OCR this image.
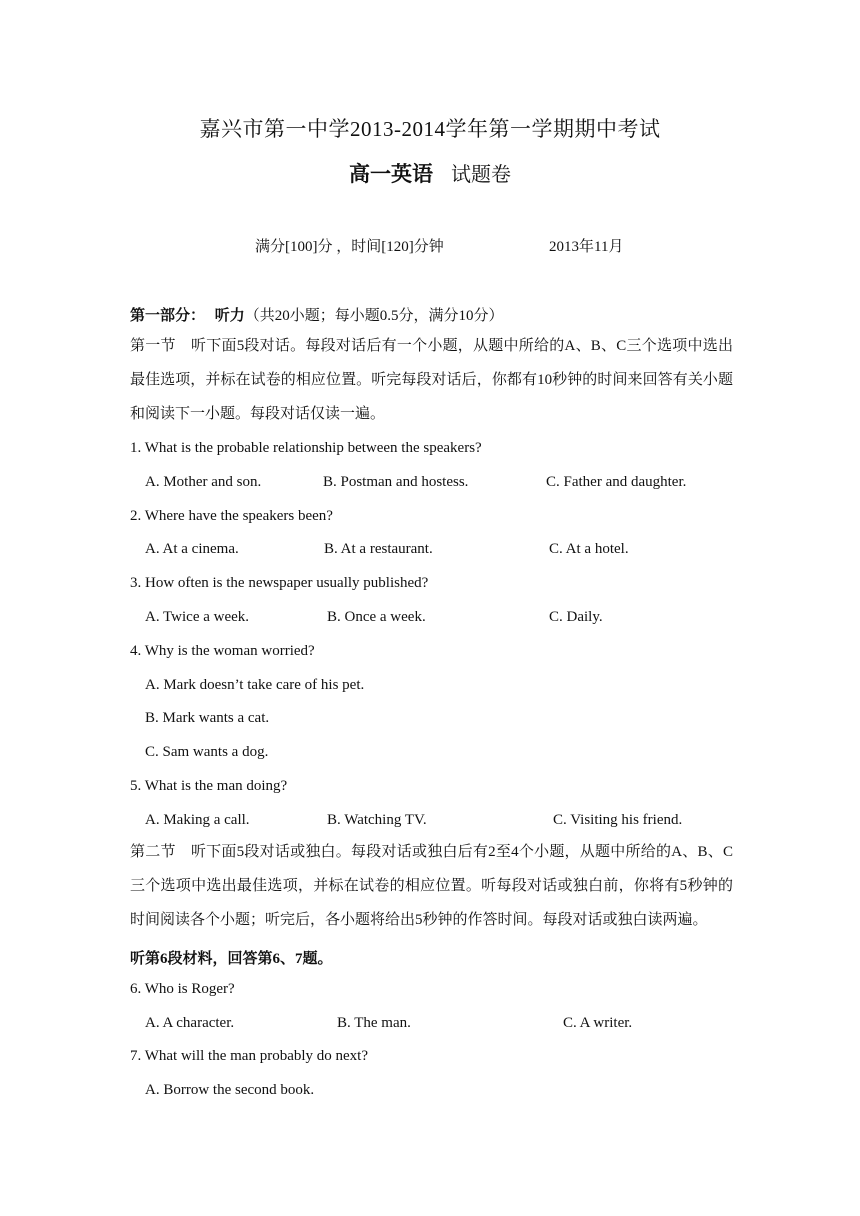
嘉兴市第一中学2013-2014学年第一学期期中考试
高一英语 试题卷
满分[100]分 ，时间[120]分钟	2013年11月
第一部分： 听力（共20小题；每小题0.5分，满分10分）
第一节　听下面5段对话。每段对话后有一个小题，从题中所给的A、B、C三个选项中选出最佳选项，并标在试卷的相应位置。听完每段对话后，你都有10秒钟的时间来回答有关小题和阅读下一小题。每段对话仅读一遍。
1. What is the probable relationship between the speakers?
A. Mother and son.	B. Postman and hostess.	C. Father and daughter.
2. Where have the speakers been?
A. At a cinema.	B. At a restaurant.	C. At a hotel.
3. How often is the newspaper usually published?
A. Twice a week.	B. Once a week.	C. Daily.
4. Why is the woman worried?
A. Mark doesn’t take care of his pet.
B. Mark wants a cat.
C. Sam wants a dog.
5. What is the man doing?
A. Making a call.	B. Watching TV.	C. Visiting his friend.
第二节　听下面5段对话或独白。每段对话或独白后有2至4个小题，从题中所给的A、B、C三个选项中选出最佳选项，并标在试卷的相应位置。听每段对话或独白前，你将有5秒钟的时间阅读各个小题；听完后，各小题将给出5秒钟的作答时间。每段对话或独白读两遍。
听第6段材料，回答第6、7题。
6. Who is Roger?
A. A character.	B. The man.	C. A writer.
7. What will the man probably do next?
A. Borrow the second book.
